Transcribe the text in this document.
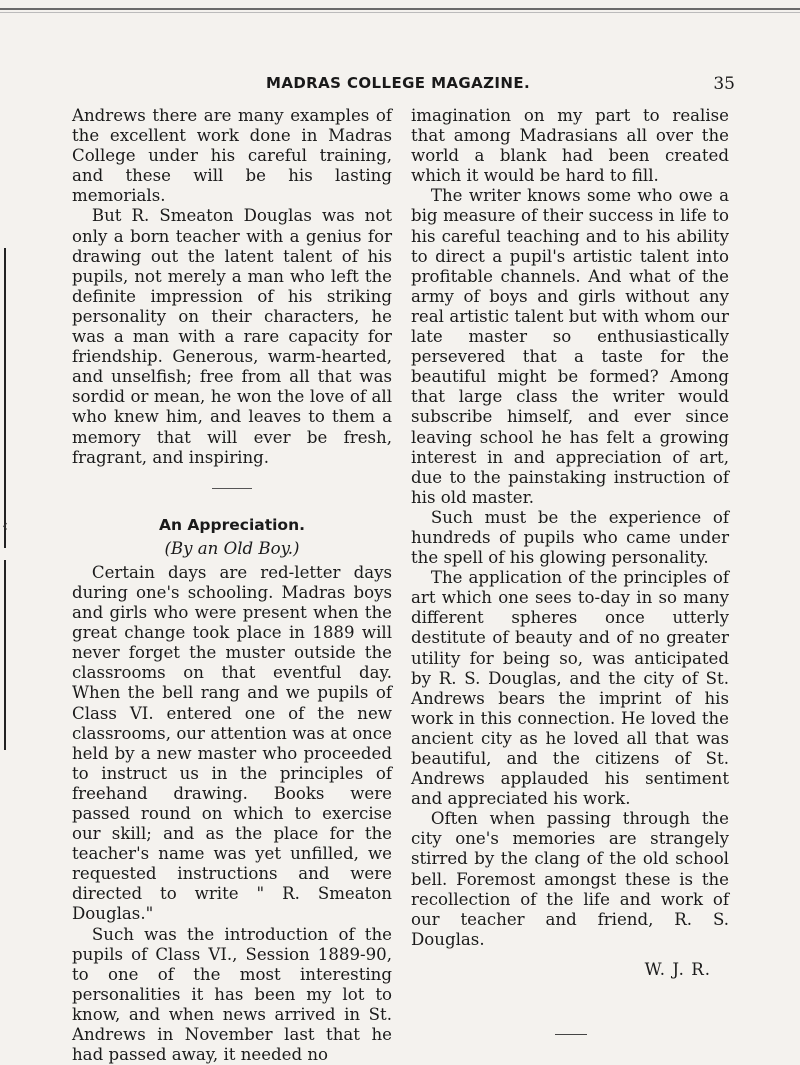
‹
MADRAS COLLEGE MAGAZINE.	35

Andrews there are many examples of the excellent work done in Madras College under his careful training, and these will be his lasting memorials.

But R. Smeaton Douglas was not only a born teacher with a genius for drawing out the latent talent of his pupils, not merely a man who left the definite impression of his striking personality on their characters, he was a man with a rare capacity for friendship. Generous, warm-hearted, and unselfish; free from all that was sordid or mean, he won the love of all who knew him, and leaves to them a memory that will ever be fresh, fragrant, and inspiring.

An Appreciation.
(By an Old Boy.)

Certain days are red-letter days during one's schooling. Madras boys and girls who were present when the great change took place in 1889 will never forget the muster outside the classrooms on that eventful day. When the bell rang and we pupils of Class VI. entered one of the new classrooms, our attention was at once held by a new master who proceeded to instruct us in the principles of freehand drawing. Books were passed round on which to exercise our skill; and as the place for the teacher's name was yet unfilled, we requested instructions and were directed to write " R. Smeaton Douglas."

Such was the introduction of the pupils of Class VI., Session 1889-90, to one of the most interesting personalities it has been my lot to know, and when news arrived in St. Andrews in November last that he had passed away, it needed no

imagination on my part to realise that among Madrasians all over the world a blank had been created which it would be hard to fill.

The writer knows some who owe a big measure of their success in life to his careful teaching and to his ability to direct a pupil's artistic talent into profitable channels. And what of the army of boys and girls without any real artistic talent but with whom our late master so enthusiastically persevered that a taste for the beautiful might be formed? Among that large class the writer would subscribe himself, and ever since leaving school he has felt a growing interest in and appreciation of art, due to the painstaking instruction of his old master.

Such must be the experience of hundreds of pupils who came under the spell of his glowing personality.

The application of the principles of art which one sees to-day in so many different spheres once utterly destitute of beauty and of no greater utility for being so, was anticipated by R. S. Douglas, and the city of St. Andrews bears the imprint of his work in this connection. He loved the ancient city as he loved all that was beautiful, and the citizens of St. Andrews applauded his sentiment and appreciated his work.

Often when passing through the city one's memories are strangely stirred by the clang of the old school bell. Foremost amongst these is the recollection of the life and work of our teacher and friend, R. S. Douglas.

W. J. R.
